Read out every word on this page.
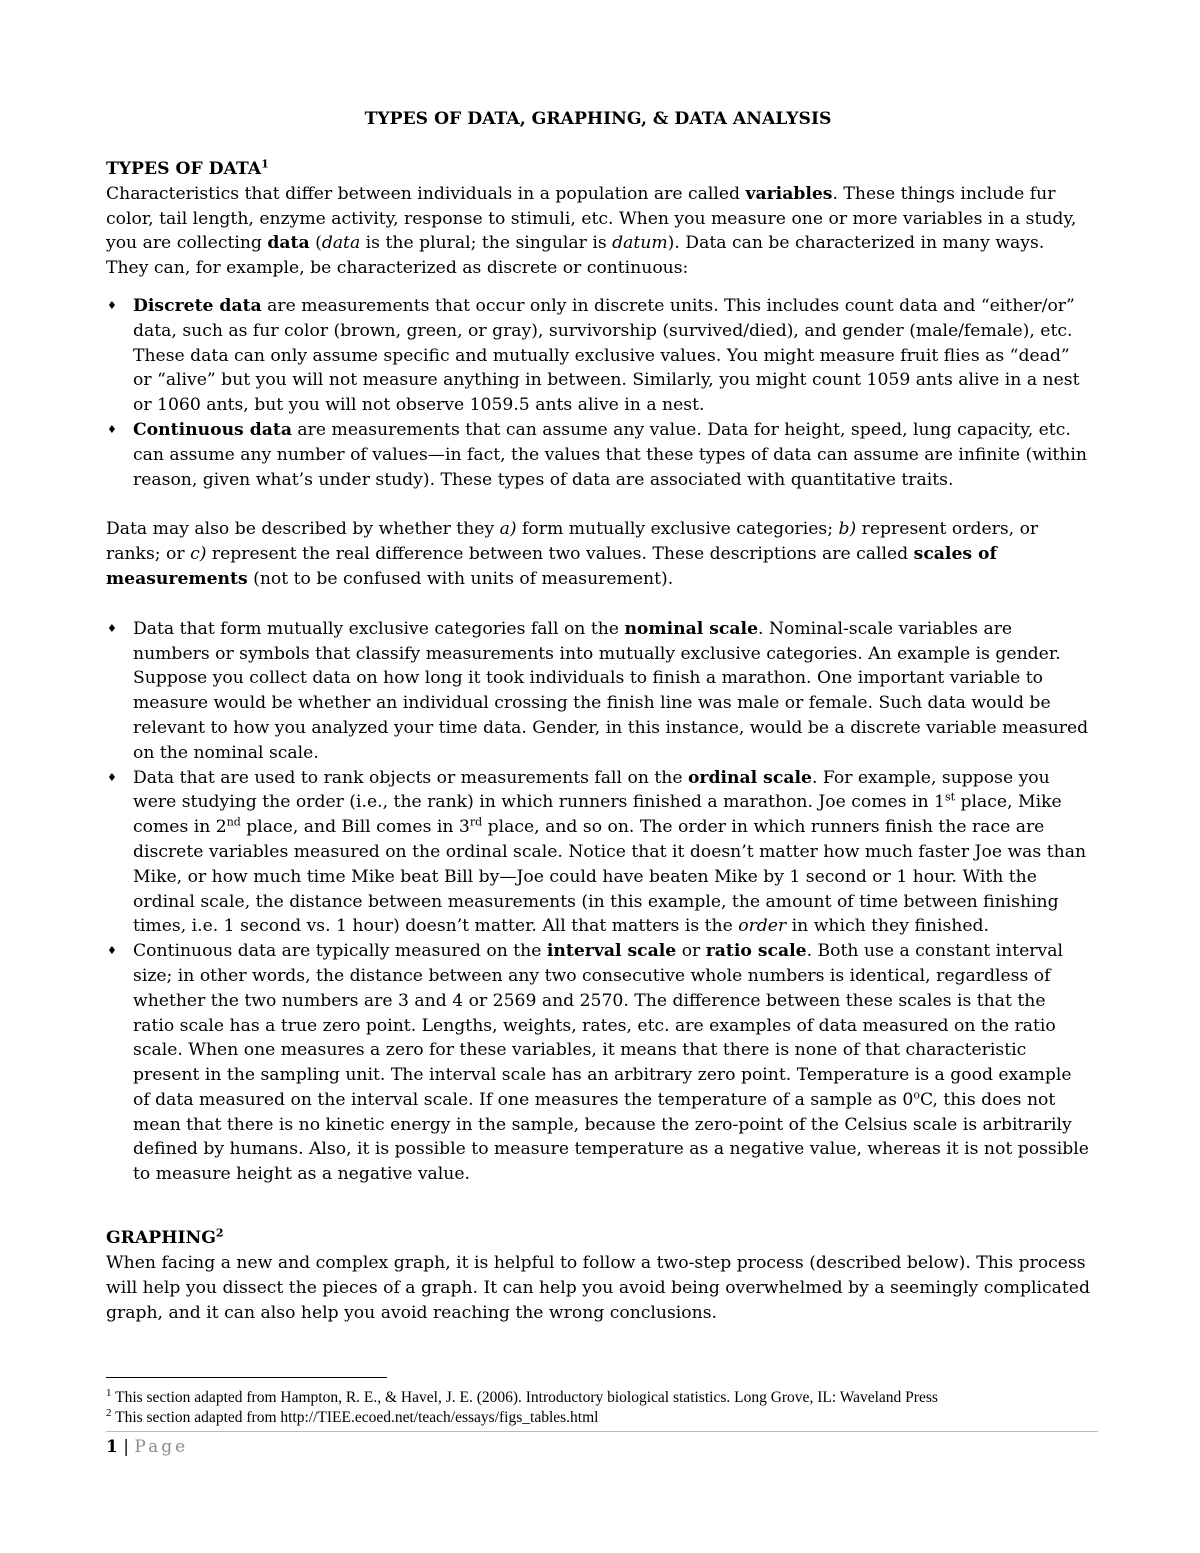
TYPES OF DATA, GRAPHING, & DATA ANALYSIS
TYPES OF DATA$^1$

Characteristics that differ between individuals in a population are called variables. These things include fur color, tail length, enzyme activity, response to stimuli, etc. When you measure one or more variables in a study, you are collecting data (data is the plural; the singular is datum). Data can be characterized in many ways. They can, for example, be characterized as discrete or continuous:

♦ Discrete data are measurements that occur only in discrete units. This includes count data and “either/or” data, such as fur color (brown, green, or gray), survivorship (survived/died), and gender (male/female), etc. These data can only assume specific and mutually exclusive values. You might measure fruit flies as “dead” or “alive” but you will not measure anything in between. Similarly, you might count 1059 ants alive in a nest or 1060 ants, but you will not observe 1059.5 ants alive in a nest.
♦ Continuous data are measurements that can assume any value. Data for height, speed, lung capacity, etc. can assume any number of values—in fact, the values that these types of data can assume are infinite (within reason, given what’s under study). These types of data are associated with quantitative traits.

Data may also be described by whether they a) form mutually exclusive categories; b) represent orders, or ranks; or c) represent the real difference between two values. These descriptions are called scales of measurements (not to be confused with units of measurement).

♦ Data that form mutually exclusive categories fall on the nominal scale. Nominal-scale variables are numbers or symbols that classify measurements into mutually exclusive categories. An example is gender. Suppose you collect data on how long it took individuals to finish a marathon. One important variable to measure would be whether an individual crossing the finish line was male or female. Such data would be relevant to how you analyzed your time data. Gender, in this instance, would be a discrete variable measured on the nominal scale.
♦ Data that are used to rank objects or measurements fall on the ordinal scale. For example, suppose you were studying the order (i.e., the rank) in which runners finished a marathon. Joe comes in 1st place, Mike comes in 2nd place, and Bill comes in 3rd place, and so on. The order in which runners finish the race are discrete variables measured on the ordinal scale. Notice that it doesn’t matter how much faster Joe was than Mike, or how much time Mike beat Bill by—Joe could have beaten Mike by 1 second or 1 hour. With the ordinal scale, the distance between measurements (in this example, the amount of time between finishing times, i.e. 1 second vs. 1 hour) doesn’t matter. All that matters is the order in which they finished.
♦ Continuous data are typically measured on the interval scale or ratio scale. Both use a constant interval size; in other words, the distance between any two consecutive whole numbers is identical, regardless of whether the two numbers are 3 and 4 or 2569 and 2570. The difference between these scales is that the ratio scale has a true zero point. Lengths, weights, rates, etc. are examples of data measured on the ratio scale. When one measures a zero for these variables, it means that there is none of that characteristic present in the sampling unit. The interval scale has an arbitrary zero point. Temperature is a good example of data measured on the interval scale. If one measures the temperature of a sample as 0$^o$C, this does not mean that there is no kinetic energy in the sample, because the zero-point of the Celsius scale is arbitrarily defined by humans. Also, it is possible to measure temperature as a negative value, whereas it is not possible to measure height as a negative value.
GRAPHING$^2$

When facing a new and complex graph, it is helpful to follow a two-step process (described below). This process will help you dissect the pieces of a graph. It can help you avoid being overwhelmed by a seemingly complicated graph, and it can also help you avoid reaching the wrong conclusions.

$^1$ This section adapted from Hampton, R. E., & Havel, J. E. (2006). Introductory biological statistics. Long Grove, IL: Waveland Press
$^2$ This section adapted from http://TIEE.ecoed.net/teach/essays/figs_tables.html
1 | Page
